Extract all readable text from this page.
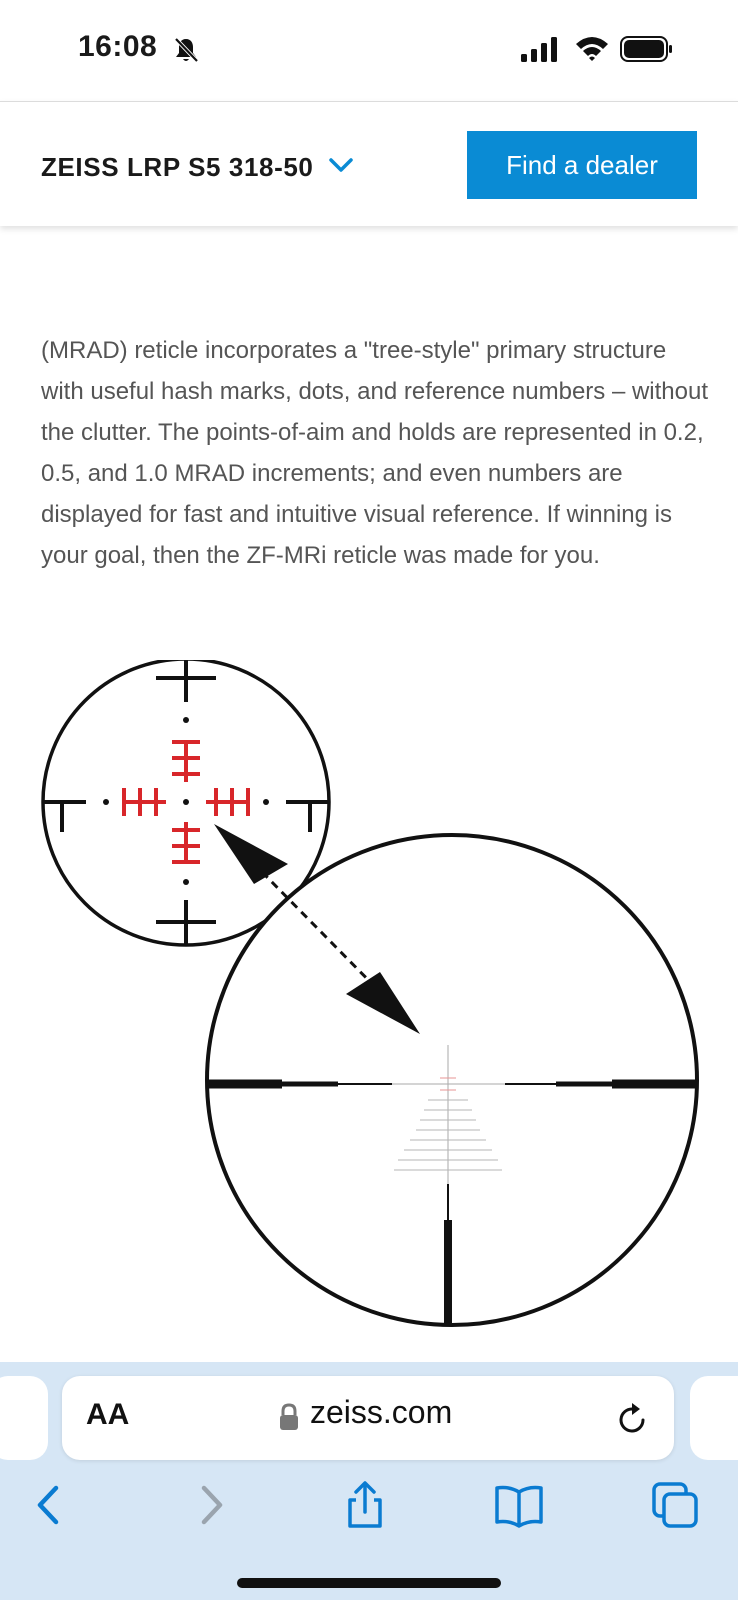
16:08
ZEISS LRP S5 318-50	Find a dealer

(MRAD) reticle incorporates a "tree-style" primary structure with useful hash marks, dots, and reference numbers – without the clutter. The points-of-aim and holds are represented in 0.2, 0.5, and 1.0 MRAD increments; and even numbers are displayed for fast and intuitive visual reference. If winning is your goal, then the ZF-MRi reticle was made for you.

AA	zeiss.com
